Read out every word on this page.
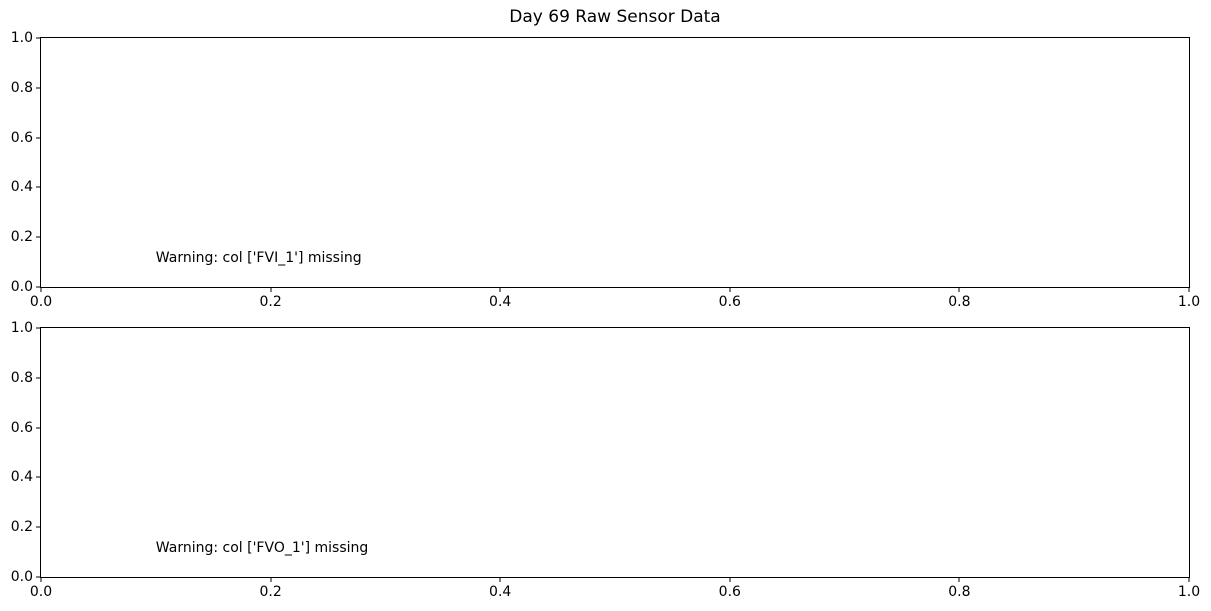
Day 69 Raw Sensor Data
Warning: col ['FVI_1'] missing
0.0	0.2	0.4	0.6	0.8	1.0
0.0
0.2
0.4
0.6
0.8
1.0
Warning: col ['FVO_1'] missing
0.0	0.2	0.4	0.6	0.8	1.0
0.0
0.2
0.4
0.6
0.8
1.0
